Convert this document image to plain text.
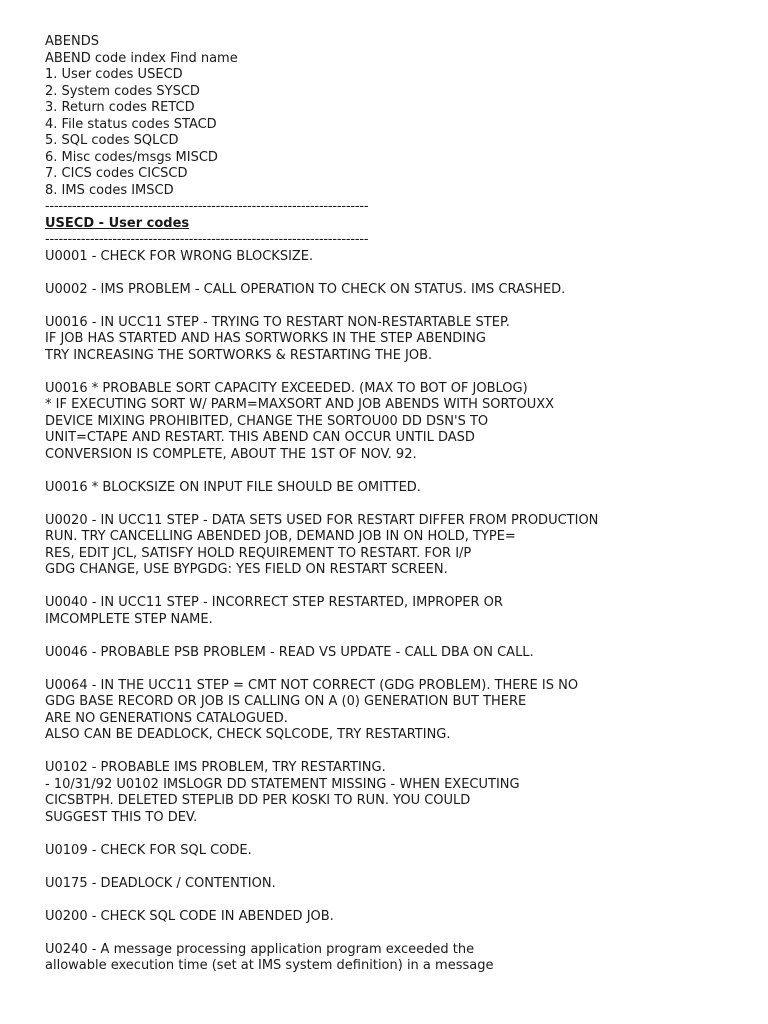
ABENDS
ABEND code index Find name
1. User codes USECD
2. System codes SYSCD
3. Return codes RETCD
4. File status codes STACD
5. SQL codes SQLCD
6. Misc codes/msgs MISCD
7. CICS codes CICSCD
8. IMS codes IMSCD
------------------------------------------------------------------------
USECD - User codes
------------------------------------------------------------------------
U0001 - CHECK FOR WRONG BLOCKSIZE.
U0002 - IMS PROBLEM - CALL OPERATION TO CHECK ON STATUS. IMS CRASHED.
U0016 - IN UCC11 STEP - TRYING TO RESTART NON-RESTARTABLE STEP.
IF JOB HAS STARTED AND HAS SORTWORKS IN THE STEP ABENDING
TRY INCREASING THE SORTWORKS & RESTARTING THE JOB.
U0016 * PROBABLE SORT CAPACITY EXCEEDED. (MAX TO BOT OF JOBLOG)
* IF EXECUTING SORT W/ PARM=MAXSORT AND JOB ABENDS WITH SORTOUXX
DEVICE MIXING PROHIBITED, CHANGE THE SORTOU00 DD DSN'S TO
UNIT=CTAPE AND RESTART. THIS ABEND CAN OCCUR UNTIL DASD
CONVERSION IS COMPLETE, ABOUT THE 1ST OF NOV. 92.
U0016 * BLOCKSIZE ON INPUT FILE SHOULD BE OMITTED.
U0020 - IN UCC11 STEP - DATA SETS USED FOR RESTART DIFFER FROM PRODUCTION
RUN. TRY CANCELLING ABENDED JOB, DEMAND JOB IN ON HOLD, TYPE=
RES, EDIT JCL, SATISFY HOLD REQUIREMENT TO RESTART. FOR I/P
GDG CHANGE, USE BYPGDG: YES FIELD ON RESTART SCREEN.
U0040 - IN UCC11 STEP - INCORRECT STEP RESTARTED, IMPROPER OR
IMCOMPLETE STEP NAME.
U0046 - PROBABLE PSB PROBLEM - READ VS UPDATE - CALL DBA ON CALL.
U0064 - IN THE UCC11 STEP = CMT NOT CORRECT (GDG PROBLEM). THERE IS NO
GDG BASE RECORD OR JOB IS CALLING ON A (0) GENERATION BUT THERE
ARE NO GENERATIONS CATALOGUED.
ALSO CAN BE DEADLOCK, CHECK SQLCODE, TRY RESTARTING.
U0102 - PROBABLE IMS PROBLEM, TRY RESTARTING.
- 10/31/92 U0102 IMSLOGR DD STATEMENT MISSING - WHEN EXECUTING
CICSBTPH. DELETED STEPLIB DD PER KOSKI TO RUN. YOU COULD
SUGGEST THIS TO DEV.
U0109 - CHECK FOR SQL CODE.
U0175 - DEADLOCK / CONTENTION.
U0200 - CHECK SQL CODE IN ABENDED JOB.
U0240 - A message processing application program exceeded the
allowable execution time (set at IMS system definition) in a message
